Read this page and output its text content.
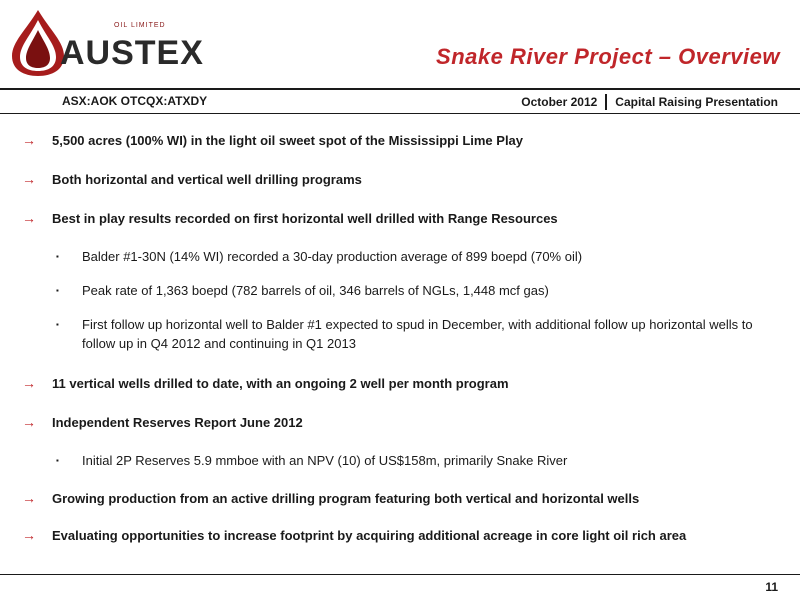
OIL LIMITED
AUSTEX	Snake River Project – Overview
ASX:AOK OTCQX:ATXDY	October 2012 Capital Raising Presentation
→	5,500 acres (100% WI) in the light oil sweet spot of the Mississippi Lime Play
→	Both horizontal and vertical well drilling programs
→	Best in play results recorded on first horizontal well drilled with Range Resources
▪	Balder #1-30N (14% WI) recorded a 30-day production average of 899 boepd (70% oil)
▪	Peak rate of 1,363 boepd (782 barrels of oil, 346 barrels of NGLs, 1,448 mcf gas)
▪	First follow up horizontal well to Balder #1 expected to spud in December, with additional follow up horizontal wells to follow up in Q4 2012 and continuing in Q1 2013
→	11 vertical wells drilled to date, with an ongoing 2 well per month program
→	Independent Reserves Report June 2012
▪	Initial 2P Reserves 5.9 mmboe with an NPV (10) of US$158m, primarily Snake River
→	Growing production from an active drilling program featuring both vertical and horizontal wells
→	Evaluating opportunities to increase footprint by acquiring additional acreage in core light oil rich area
11
